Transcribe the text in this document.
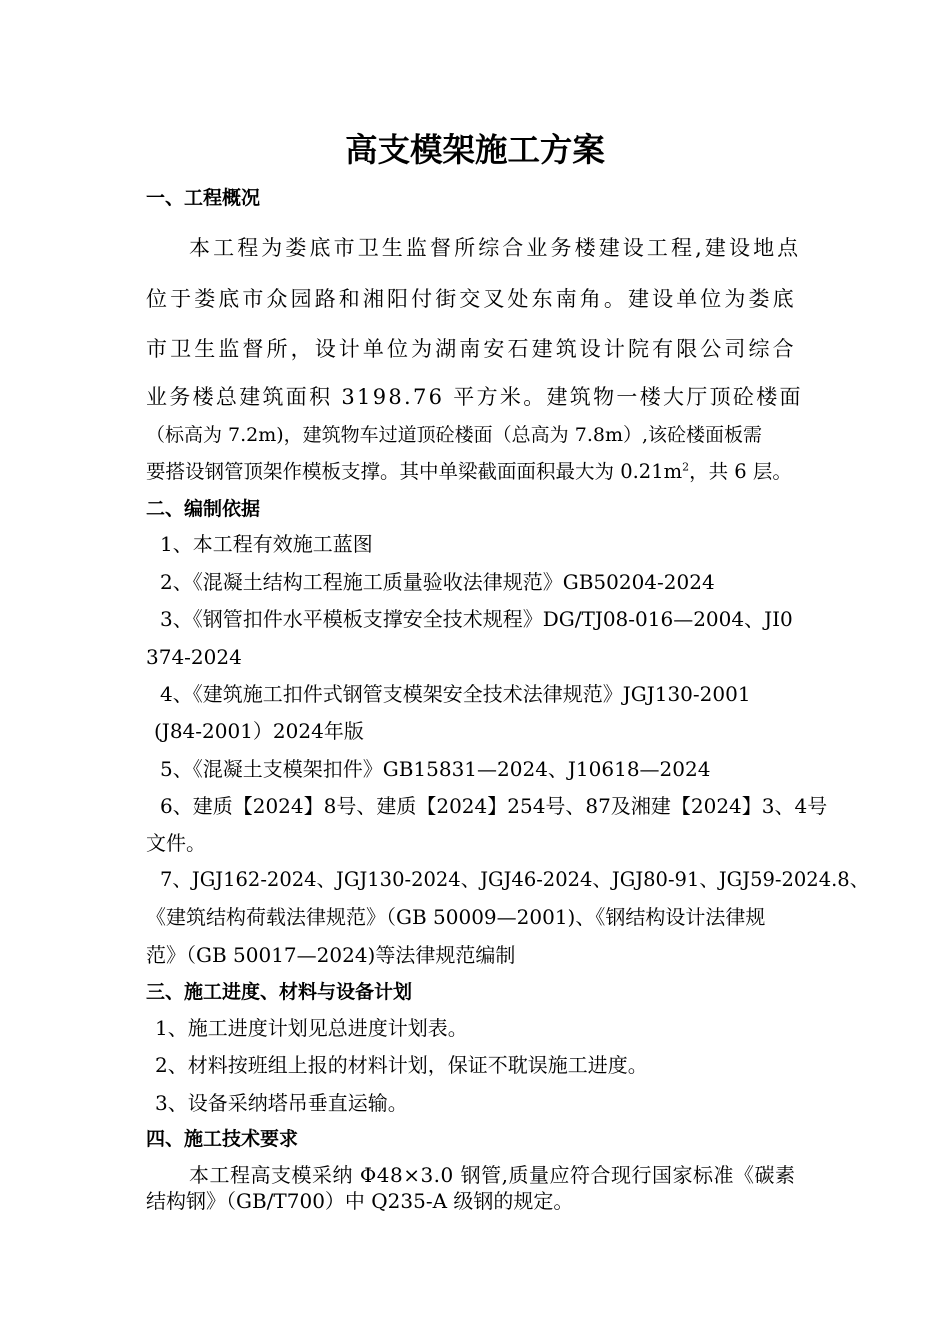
高支模架施工方案
一、工程概况
本工程为娄底市卫生监督所综合业务楼建设工程,建设地点
位于娄底市众园路和湘阳付街交叉处东南角。建设单位为娄底
市卫生监督所，设计单位为湖南安石建筑设计院有限公司综合
业务楼总建筑面积 3198.76 平方米。建筑物一楼大厅顶砼楼面
（标高为 7.2m)，建筑物车过道顶砼楼面（总高为 7.8m）,该砼楼面板需
要搭设钢管顶架作模板支撑。其中单梁截面面积最大为 $0.21m^2$，共 6 层。
二、编制依据
1、本工程有效施工蓝图
2、《混凝土结构工程施工质量验收法律规范》GB50204-2024
3、《钢管扣件水平模板支撑安全技术规程》DG/TJ08-016—2004、JI0
374-2024
4、《建筑施工扣件式钢管支模架安全技术法律规范》JGJ130-2001
(J84-2001）2024年版
5、《混凝土支模架扣件》GB15831—2024、J10618—2024
6、建质【2024】8号、建质【2024】254号、87及湘建【2024】3、4号
文件。
7、JGJ162-2024、JGJ130-2024、JGJ46-2024、JGJ80-91、JGJ59-2024.8、
《建筑结构荷载法律规范》（GB 50009—2001)、《钢结构设计法律规
范》（GB 50017—2024)等法律规范编制
三、施工进度、材料与设备计划
1、施工进度计划见总进度计划表。
2、材料按班组上报的材料计划，保证不耽误施工进度。
3、设备采纳塔吊垂直运输。
四、施工技术要求
本工程高支模采纳 Φ48×3.0 钢管,质量应符合现行国家标准《碳素
结构钢》（GB/T700）中 Q235-A 级钢的规定。
